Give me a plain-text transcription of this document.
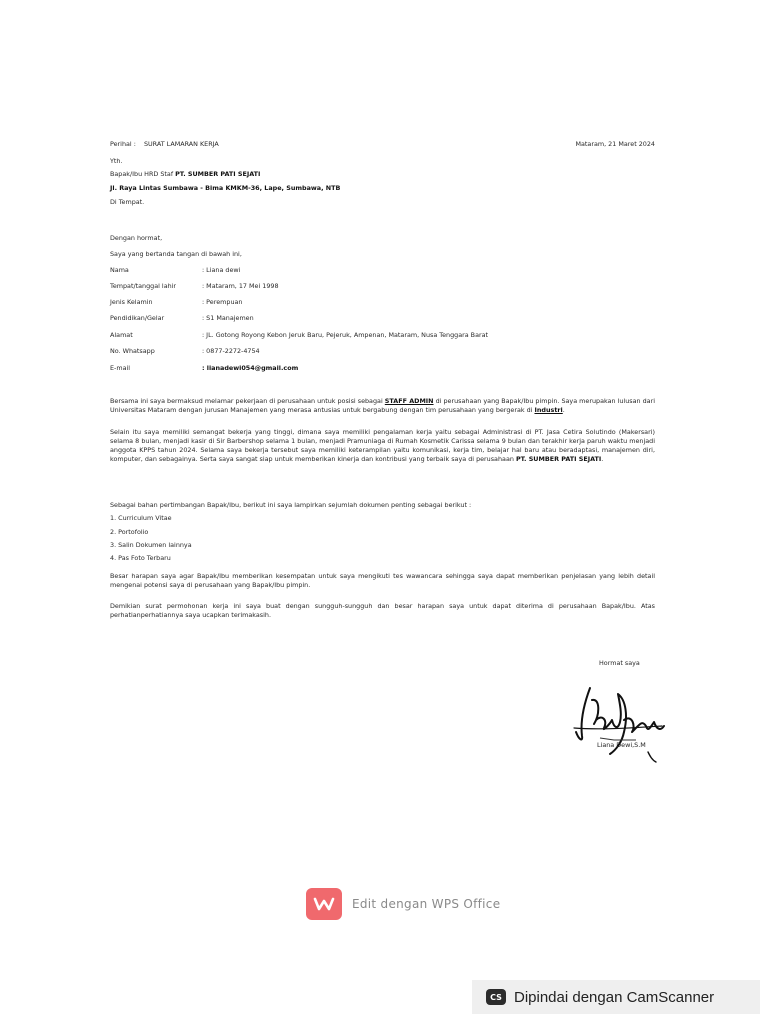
Perihal : SURAT LAMARAN KERJA	Mataram, 21 Maret 2024
Yth.
Bapak/Ibu HRD Staf PT. SUMBER PATI SEJATI
Jl. Raya Lintas Sumbawa - Bima KMKM-36, Lape, Sumbawa, NTB
Di Tempat.
Dengan hormat,
Saya yang bertanda tangan di bawah ini,
Nama	: Liana dewi
Tempat/tanggal lahir	: Mataram, 17 Mei 1998
Jenis Kelamin	: Perempuan
Pendidikan/Gelar	: S1 Manajemen
Alamat	: JL. Gotong Royong Kebon Jeruk Baru, Pejeruk, Ampenan, Mataram, Nusa Tenggara Barat
No. Whatsapp	: 0877-2272-4754
E-mail	: lianadewi054@gmail.com
Bersama ini saya bermaksud melamar pekerjaan di perusahaan untuk posisi sebagai STAFF ADMIN di perusahaan yang Bapak/Ibu pimpin. Saya merupakan lulusan dari Universitas Mataram dengan jurusan Manajemen yang merasa antusias untuk bergabung dengan tim perusahaan yang bergerak di Industri.
Selain itu saya memiliki semangat bekerja yang tinggi, dimana saya memiliki pengalaman kerja yaitu sebagai Administrasi di PT. Jasa Cetira Solutindo (Makersari) selama 8 bulan, menjadi kasir di Sir Barbershop selama 1 bulan, menjadi Pramuniaga di Rumah Kosmetik Carissa selama 9 bulan dan terakhir kerja paruh waktu menjadi anggota KPPS tahun 2024. Selama saya bekerja tersebut saya memiliki keterampilan yaitu komunikasi, kerja tim, belajar hal baru atau beradaptasi, manajemen diri, komputer, dan sebagainya. Serta saya sangat siap untuk memberikan kinerja dan kontribusi yang terbaik saya di perusahaan PT. SUMBER PATI SEJATI.
Sebagai bahan pertimbangan Bapak/Ibu, berikut ini saya lampirkan sejumlah dokumen penting sebagai berikut :
1. Curriculum Vitae
2. Portofolio
3. Salin Dokumen lainnya
4. Pas Foto Terbaru
Besar harapan saya agar Bapak/Ibu memberikan kesempatan untuk saya mengikuti tes wawancara sehingga saya dapat memberikan penjelasan yang lebih detail mengenai potensi saya di perusahaan yang Bapak/Ibu pimpin.
Demikian surat permohonan kerja ini saya buat dengan sungguh-sungguh dan besar harapan saya untuk dapat diterima di perusahaan Bapak/Ibu. Atas perhatianperhatiannya saya ucapkan terimakasih.
Hormat saya
Liana Dewi,S.M
Edit dengan WPS Office
CS Dipindai dengan CamScanner
